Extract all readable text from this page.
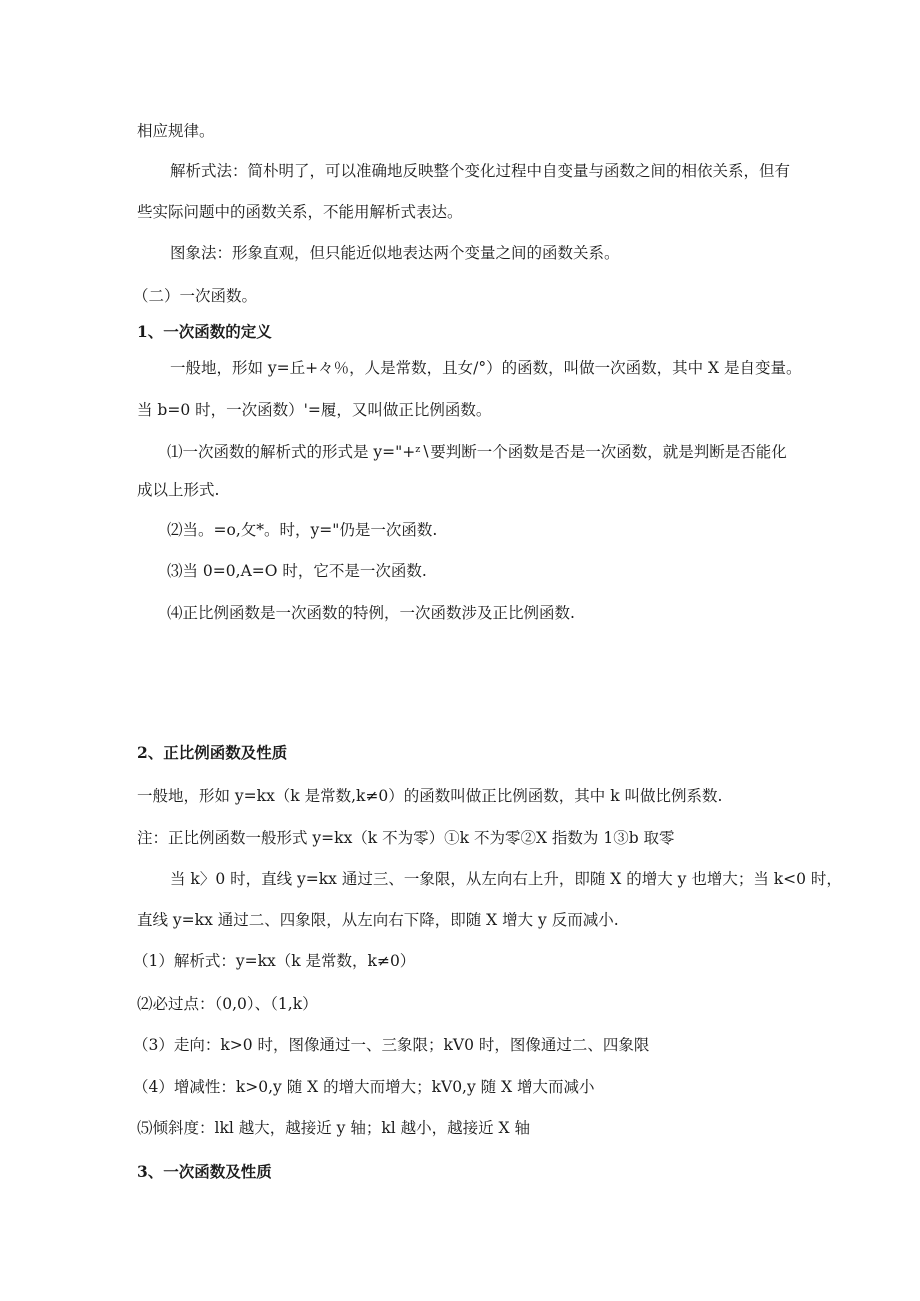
相应规律。
解析式法：简朴明了，可以准确地反映整个变化过程中自变量与函数之间的相依关系，但有
些实际问题中的函数关系，不能用解析式表达。
图象法：形象直观，但只能近似地表达两个变量之间的函数关系。
（二）一次函数。
1、一次函数的定义
一般地，形如 y=丘+々％，人是常数，且女/°）的函数，叫做一次函数，其中 X 是自变量。
当 b=0 时，一次函数）'=履，又叫做正比例函数。
⑴一次函数的解析式的形式是 y="+ᶻ∖要判断一个函数是否是一次函数，就是判断是否能化
成以上形式.
⑵当。=o,攵*。时，y="仍是一次函数.
⑶当 0=0,A=O 时，它不是一次函数.
⑷正比例函数是一次函数的特例，一次函数涉及正比例函数.
2、正比例函数及性质
一般地，形如 y=kx（k 是常数,k≠0）的函数叫做正比例函数，其中 k 叫做比例系数.
注：正比例函数一般形式 y=kx（k 不为零）①k 不为零②X 指数为 1③b 取零
当 k〉0 时，直线 y=kx 通过三、一象限，从左向右上升，即随 X 的增大 y 也增大；当 k<0 时，
直线 y=kx 通过二、四象限，从左向右下降，即随 X 增大 y 反而减小.
（1）解析式：y=kx（k 是常数，k≠0）
⑵必过点：（0,0）、（1,k）
（3）走向：k>0 时，图像通过一、三象限；kV0 时，图像通过二、四象限
（4）增减性：k>0,y 随 X 的增大而增大；kV0,y 随 X 增大而减小
⑸倾斜度：lkl 越大，越接近 y 轴；kl 越小，越接近 X 轴
3、一次函数及性质
